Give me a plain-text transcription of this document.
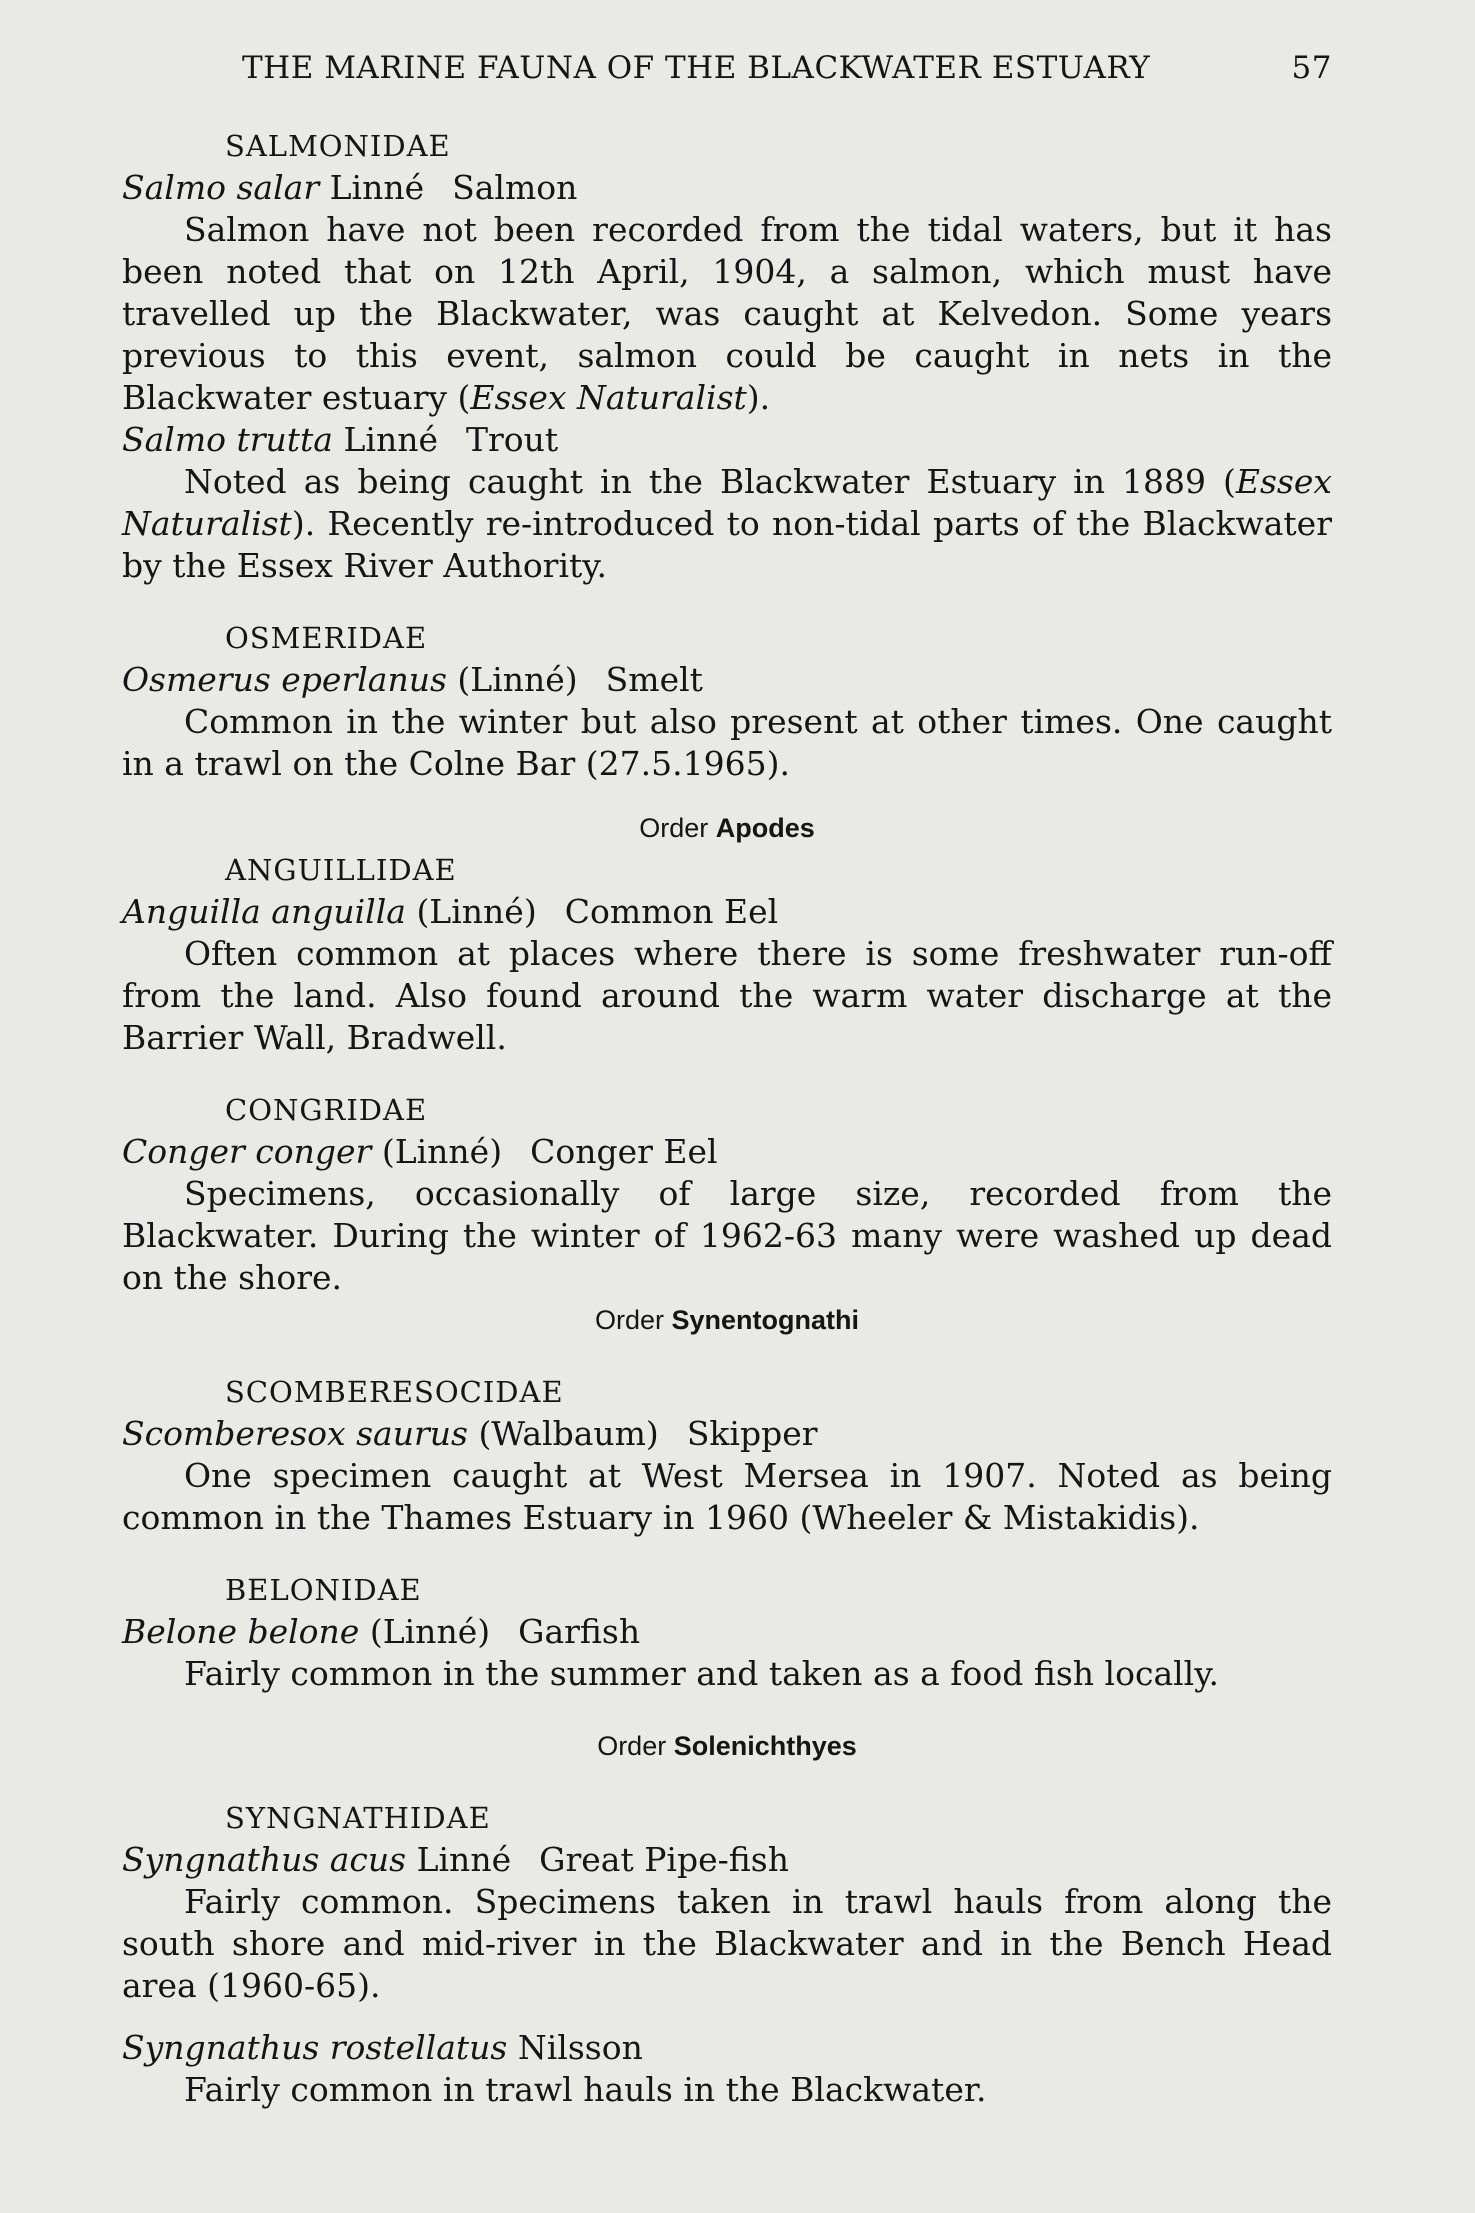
THE MARINE FAUNA OF THE BLACKWATER ESTUARY	57
SALMONIDAE
Salmo salar Linné Salmon

Salmon have not been recorded from the tidal waters, but it has been noted that on 12th April, 1904, a salmon, which must have travelled up the Blackwater, was caught at Kelvedon. Some years previous to this event, salmon could be caught in nets in the Blackwater estuary (Essex Naturalist).

Salmo trutta Linné Trout

Noted as being caught in the Blackwater Estuary in 1889 (Essex Naturalist). Recently re-introduced to non-tidal parts of the Blackwater by the Essex River Authority.

OSMERIDAE
Osmerus eperlanus (Linné) Smelt

Common in the winter but also present at other times. One caught in a trawl on the Colne Bar (27.5.1965).

Order Apodes
ANGUILLIDAE
Anguilla anguilla (Linné) Common Eel

Often common at places where there is some freshwater run-off from the land. Also found around the warm water discharge at the Barrier Wall, Bradwell.

CONGRIDAE
Conger conger (Linné) Conger Eel

Specimens, occasionally of large size, recorded from the Blackwater. During the winter of 1962-63 many were washed up dead on the shore.

Order Synentognathi
SCOMBERESOCIDAE
Scomberesox saurus (Walbaum) Skipper

One specimen caught at West Mersea in 1907. Noted as being common in the Thames Estuary in 1960 (Wheeler & Mistakidis).

BELONIDAE
Belone belone (Linné) Garfish

Fairly common in the summer and taken as a food fish locally.

Order Solenichthyes
SYNGNATHIDAE
Syngnathus acus Linné Great Pipe-fish

Fairly common. Specimens taken in trawl hauls from along the south shore and mid-river in the Blackwater and in the Bench Head area (1960-65).

Syngnathus rostellatus Nilsson

Fairly common in trawl hauls in the Blackwater.
